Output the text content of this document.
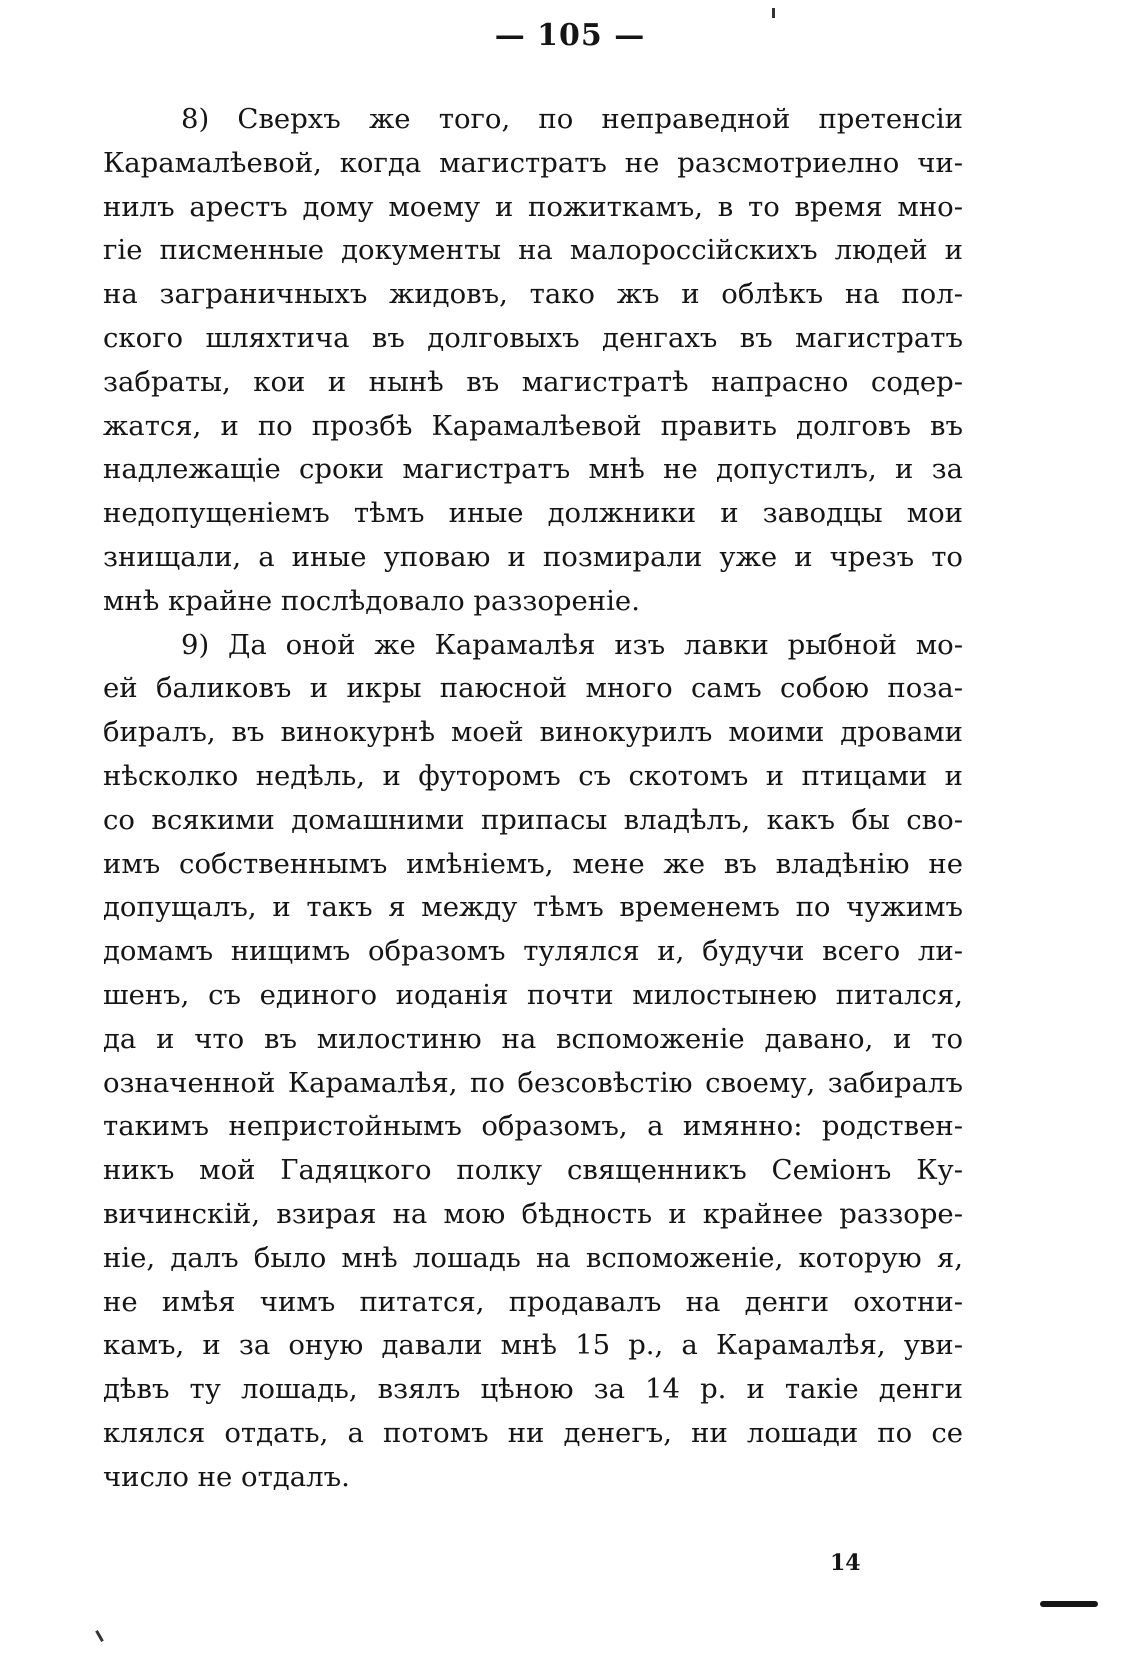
— 105 —
8) Сверхъ же того, по неправедной претенсіи
Карамалѣевой, когда магистратъ не разсмотриелно чи-
нилъ арестъ дому моему и пожиткамъ, в то время мно-
гіе писменные документы на малороссійскихъ людей и
на заграничныхъ жидовъ, тако жъ и облѣкъ на пол-
ского шляхтича въ долговыхъ денгахъ въ магистратъ
забраты, кои и нынѣ въ магистратѣ напрасно содер-
жатся, и по прозбѣ Карамалѣевой править долговъ въ
надлежащіе сроки магистратъ мнѣ не допустилъ, и за
недопущеніемъ тѣмъ иные должники и заводцы мои
знищали, а иные уповаю и позмирали уже и чрезъ то
мнѣ крайне послѣдовало раззореніе.
9) Да оной же Карамалѣя изъ лавки рыбной мо-
ей баликовъ и икры паюсной много самъ собою поза-
биралъ, въ винокурнѣ моей винокурилъ моими дровами
нѣсколко недѣль, и футоромъ съ скотомъ и птицами и
со всякими домашними припасы владѣлъ, какъ бы сво-
имъ собственнымъ имѣніемъ, мене же въ владѣнію не
допущалъ, и такъ я между тѣмъ временемъ по чужимъ
домамъ нищимъ образомъ тулялся и, будучи всего ли-
шенъ, съ единого иоданія почти милостынею питался,
да и что въ милостиню на вспоможеніе давано, и то
означенной Карамалѣя, по безсовѣстію своему, забиралъ
такимъ непристойнымъ образомъ, а имянно: родствен-
никъ мой Гадяцкого полку священникъ Семіонъ Ку-
вичинскій, взирая на мою бѣдность и крайнее раззоре-
ніе, далъ было мнѣ лошадь на вспоможеніе, которую я,
не имѣя чимъ питатся, продавалъ на денги охотни-
камъ, и за оную давали мнѣ 15 р., а Карамалѣя, уви-
дѣвъ ту лошадь, взялъ цѣною за 14 р. и такіе денги
клялся отдать, а потомъ ни денегъ, ни лошади по се
число не отдалъ.
14
